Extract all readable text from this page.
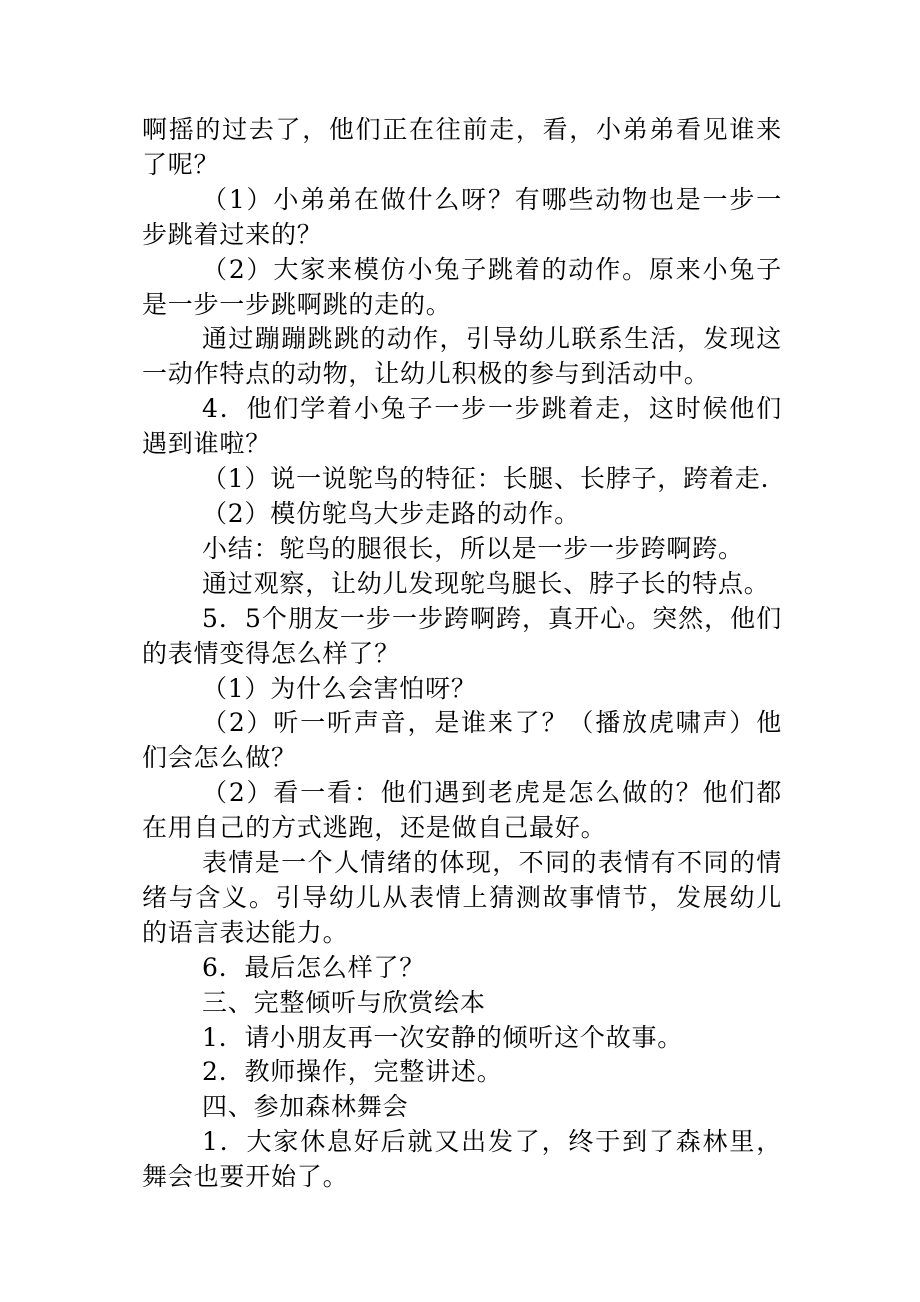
啊摇的过去了，他们正在往前走，看，小弟弟看见谁来了呢？

（1）小弟弟在做什么呀？有哪些动物也是一步一步跳着过来的？

（2）大家来模仿小兔子跳着的动作。原来小兔子是一步一步跳啊跳的走的。

通过蹦蹦跳跳的动作，引导幼儿联系生活，发现这一动作特点的动物，让幼儿积极的参与到活动中。

4．他们学着小兔子一步一步跳着走，这时候他们遇到谁啦？

（1）说一说鸵鸟的特征：长腿、长脖子，跨着走.

（2）模仿鸵鸟大步走路的动作。

小结：鸵鸟的腿很长，所以是一步一步跨啊跨。

通过观察，让幼儿发现鸵鸟腿长、脖子长的特点。

5．5个朋友一步一步跨啊跨，真开心。突然，他们的表情变得怎么样了？

（1）为什么会害怕呀？

（2）听一听声音，是谁来了？（播放虎啸声）他们会怎么做？

（2）看一看：他们遇到老虎是怎么做的？他们都在用自己的方式逃跑，还是做自己最好。

表情是一个人情绪的体现，不同的表情有不同的情绪与含义。引导幼儿从表情上猜测故事情节，发展幼儿的语言表达能力。

6．最后怎么样了？

三、完整倾听与欣赏绘本

1．请小朋友再一次安静的倾听这个故事。

2．教师操作，完整讲述。

四、参加森林舞会

1．大家休息好后就又出发了，终于到了森林里，舞会也要开始了。
